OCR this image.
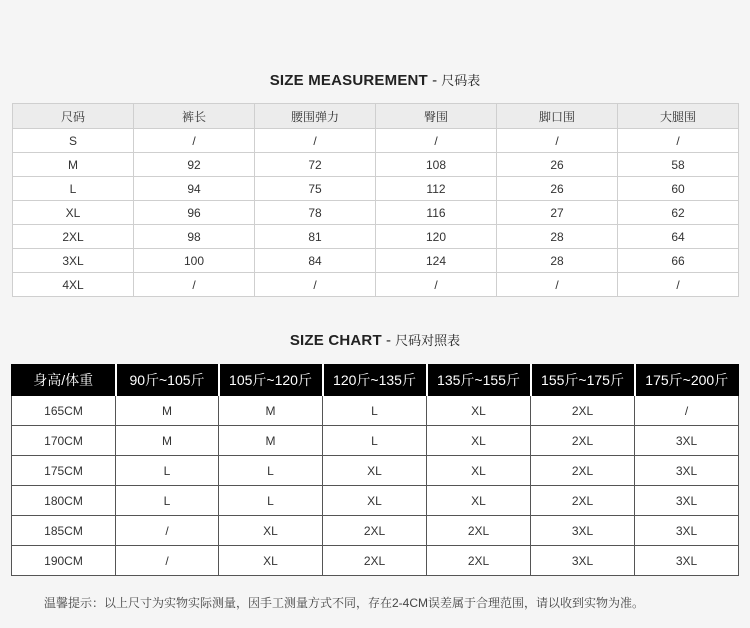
SIZE MEASUREMENT - 尺码表
尺码	裤长	腰围弹力	臀围	脚口围	大腿围
S	/	/	/	/	/
M	92	72	108	26	58
L	94	75	112	26	60
XL	96	78	116	27	62
2XL	98	81	120	28	64
3XL	100	84	124	28	66
4XL	/	/	/	/	/
SIZE CHART - 尺码对照表
身高/体重	90斤~105斤	105斤~120斤	120斤~135斤	135斤~155斤	155斤~175斤	175斤~200斤
165CM	M	M	L	XL	2XL	/
170CM	M	M	L	XL	2XL	3XL
175CM	L	L	XL	XL	2XL	3XL
180CM	L	L	XL	XL	2XL	3XL
185CM	/	XL	2XL	2XL	3XL	3XL
190CM	/	XL	2XL	2XL	3XL	3XL
温馨提示：以上尺寸为实物实际测量，因手工测量方式不同，存在2-4CM误差属于合理范围，请以收到实物为准。
